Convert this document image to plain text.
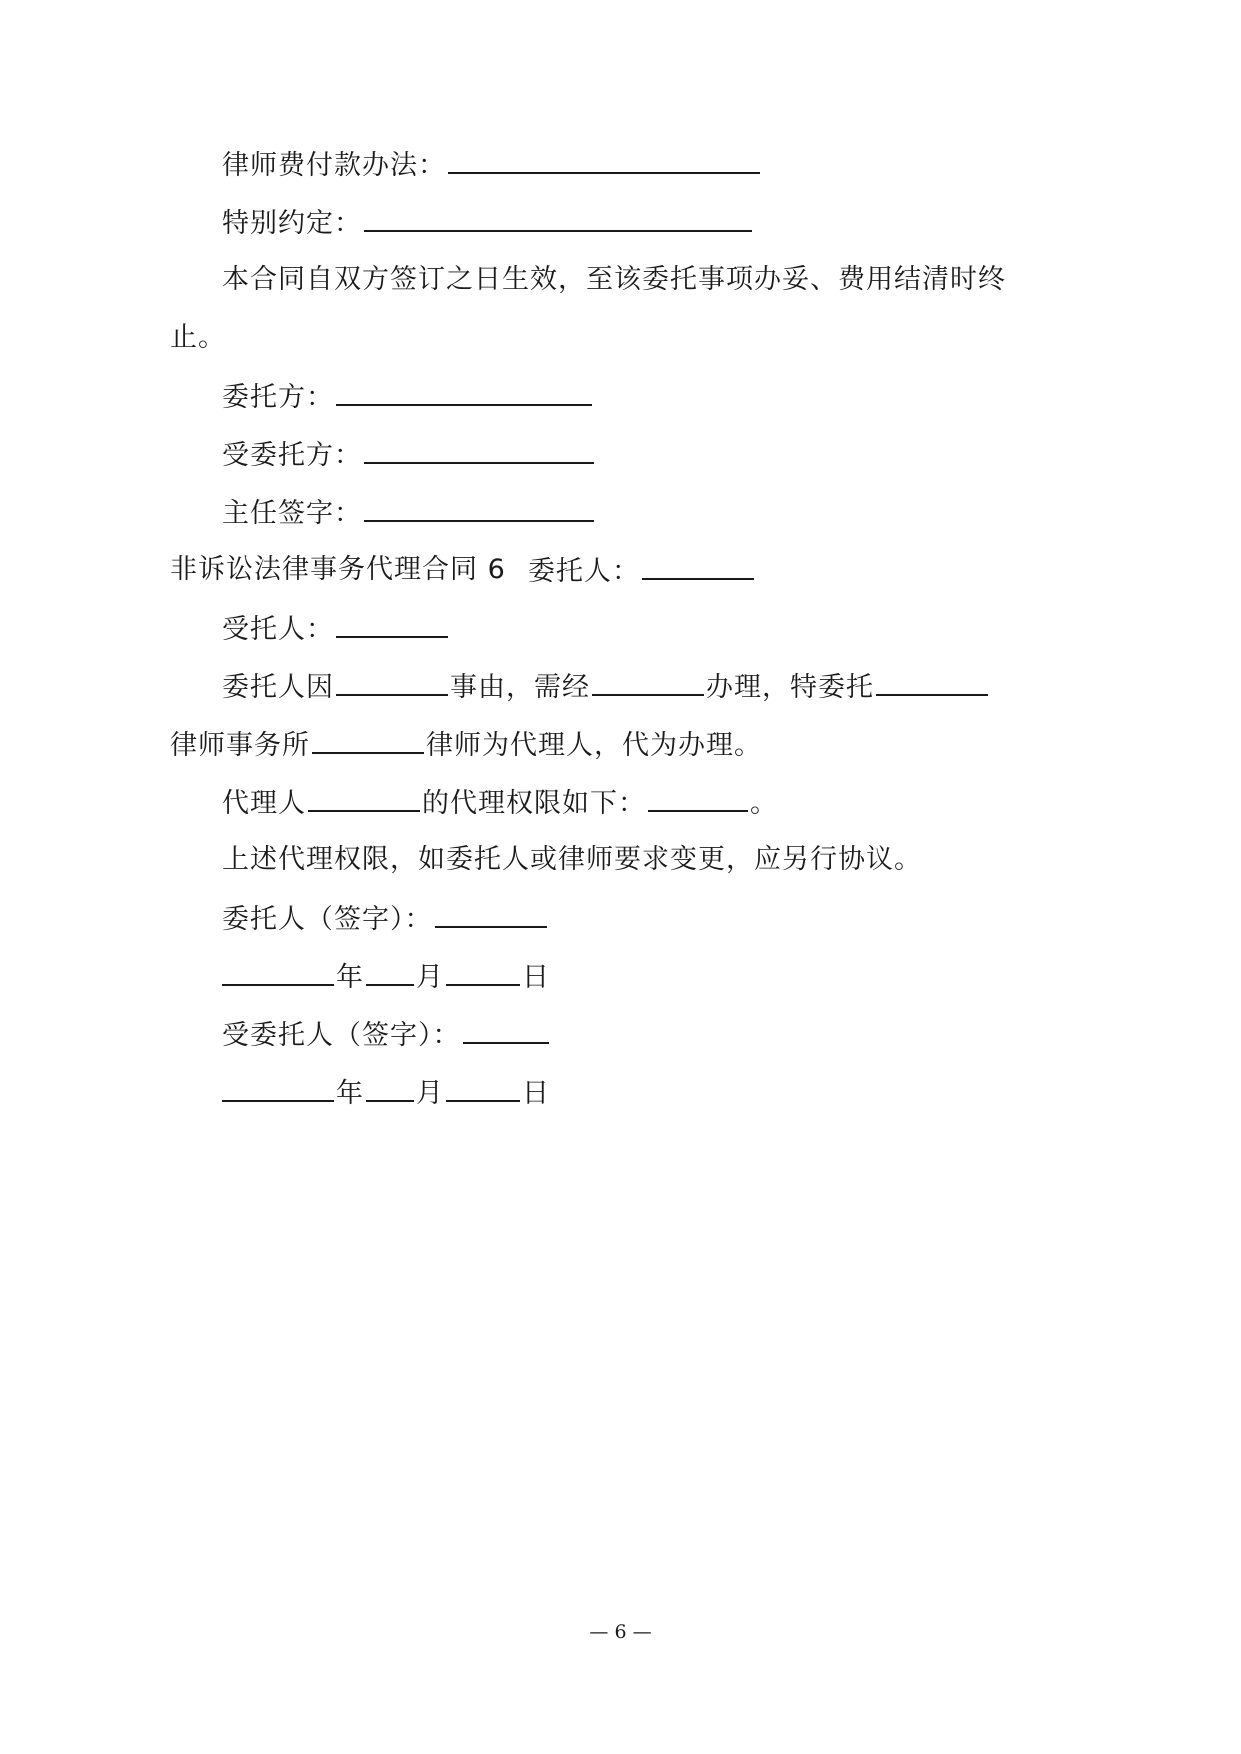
律师费付款办法：
特别约定：
本合同自双方签订之日生效，至该委托事项办妥、费用结清时终
止。
委托方：
受委托方：
主任签字：
非诉讼法律事务代理合同 6 委托人：
受托人：
委托人因	事由，需经	办理，特委托
律师事务所	律师为代理人，代为办理。
代理人	的代理权限如下：	。
上述代理权限，如委托人或律师要求变更，应另行协议。
委托人（签字）：
年 月	日
受委托人（签字）：
年 月	日
— 6 —
